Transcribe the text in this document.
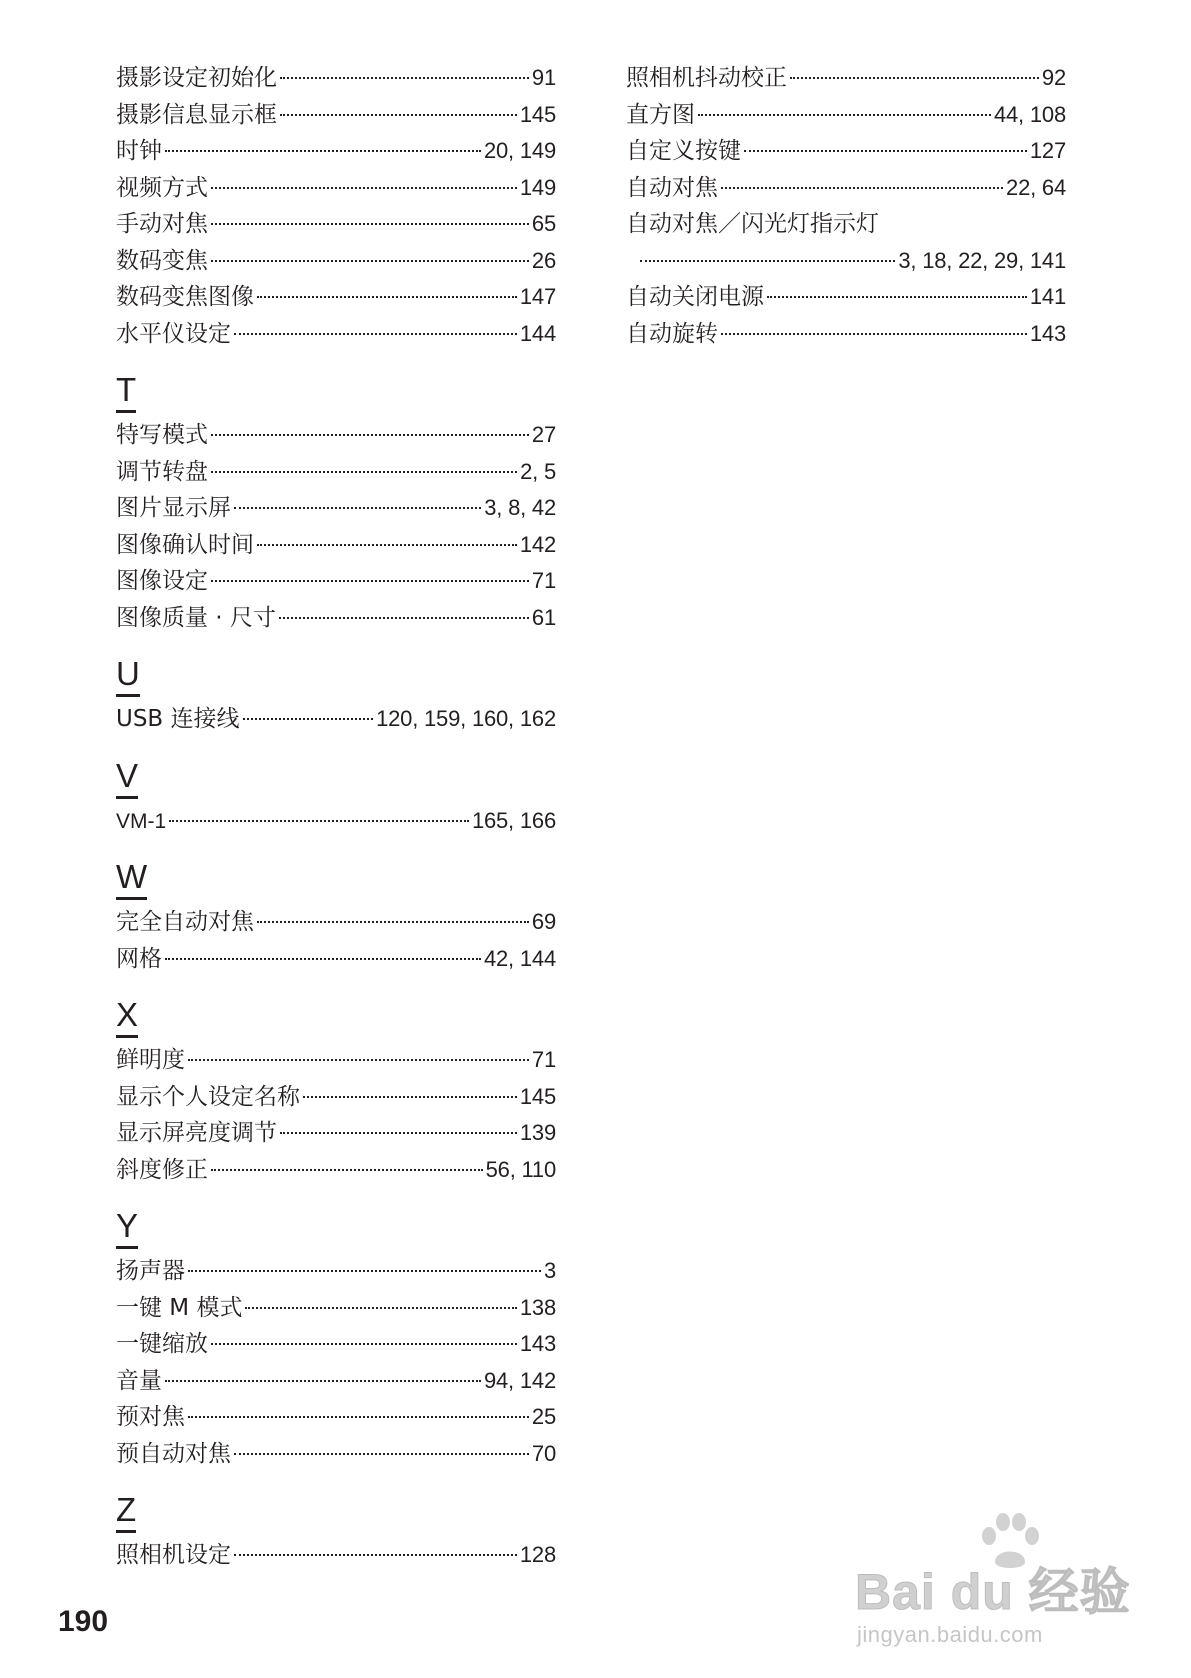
摄影设定初始化	91
摄影信息显示框	145
时钟	20, 149
视频方式	149
手动对焦	65
数码变焦	26
数码变焦图像	147
水平仪设定	144
T
特写模式	27
调节转盘	2, 5
图片显示屏	3, 8, 42
图像确认时间	142
图像设定	71
图像质量 · 尺寸	61
U
USB 连接线	120, 159, 160, 162
V
VM-1	165, 166
W
完全自动对焦	69
网格	42, 144
X
鲜明度	71
显示个人设定名称	145
显示屏亮度调节	139
斜度修正	56, 110
Y
扬声器	3
一键 M 模式	138
一键缩放	143
音量	94, 142
预对焦	25
预自动对焦	70
Z
照相机设定	128
照相机抖动校正	92
直方图	44, 108
自定义按键	127
自动对焦	22, 64
自动对焦／闪光灯指示灯
3, 18, 22, 29, 141
自动关闭电源	141
自动旋转	143
190
Bai du 经验
jingyan.baidu.com
